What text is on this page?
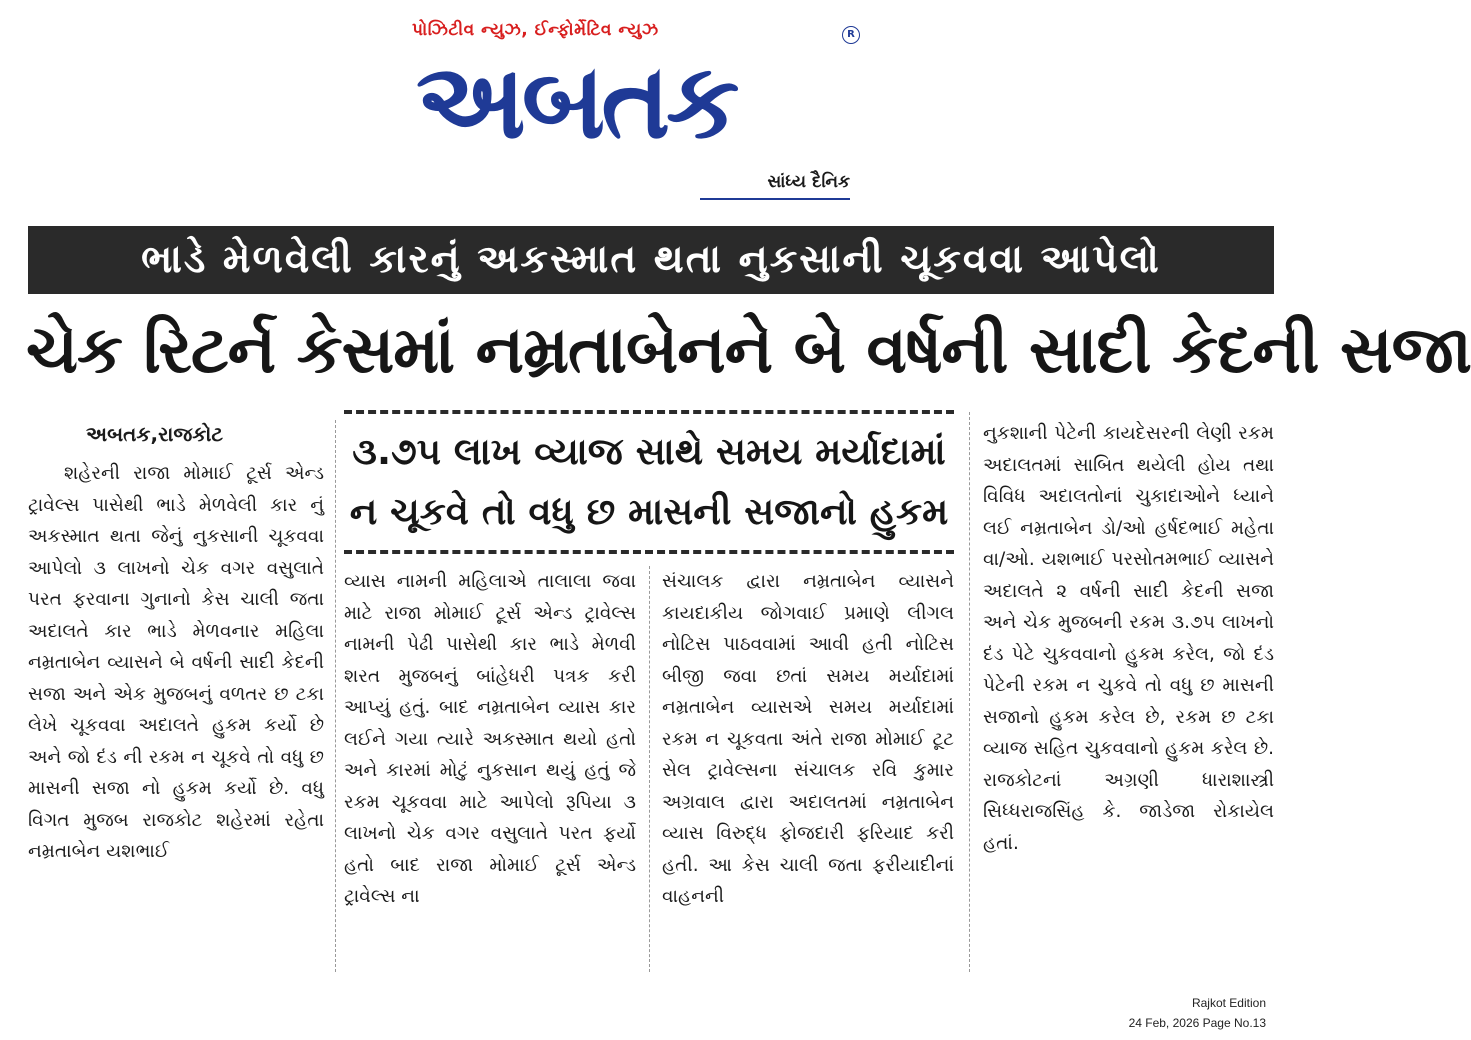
પોઝિટીવ ન્યુઝ, ઈન્ફોર્મેટિવ ન્યુઝ
અબતક
R
સાંધ્ય દૈનિક
ભાડે મેળવેલી કારનું અકસ્માત થતા નુકસાની ચૂકવવા આપેલો
ચેક રિટર્ન કેસમાં નમ્રતાબેનને બે વર્ષની સાદી કેદની સજા
અબતક,રાજકોટ

શહેરની રાજા મોમાઈ ટૂર્સ એન્ડ ટ્રાવેલ્સ પાસેથી ભાડે મેળવેલી કાર નું અકસ્માત થતા જેનું નુકસાની ચૂકવવા આપેલો ૩ લાખનો ચેક વગર વસુલાતે પરત ફરવાના ગુનાનો કેસ ચાલી જતા અદાલતે કાર ભાડે મેળવનાર મહિલા નમ્રતાબેન વ્યાસને બે વર્ષની સાદી કેદની સજા અને એક મુજબનું વળતર છ ટકા લેખે ચૂકવવા અદાલતે હુકમ કર્યો છે અને જો દંડ ની રકમ ન ચૂકવે તો વધુ છ માસની સજા નો હુકમ કર્યો છે. વધુ વિગત મુજબ રાજકોટ શહેરમાં રહેતા નમ્રતાબેન યશભાઈ

૩.૭૫ લાખ વ્યાજ સાથે સમય મર્યાદામાં ન ચૂકવે તો વધુ છ માસની સજાનો હુકમ

વ્યાસ નામની મહિલાએ તાલાલા જવા માટે રાજા મોમાઈ ટૂર્સ એન્ડ ટ્રાવેલ્સ નામની પેઢી પાસેથી કાર ભાડે મેળવી શરત મુજબનું બાંહેધરી પત્રક કરી આપ્યું હતું. બાદ નમ્રતાબેન વ્યાસ કાર લઈને ગયા ત્યારે અકસ્માત થયો હતો અને કારમાં મોટું નુકસાન થયું હતું જે રકમ ચૂકવવા માટે આપેલો રૂપિયા ૩ લાખનો ચેક વગર વસુલાતે પરત ફર્યો હતો બાદ રાજા મોમાઈ ટૂર્સ એન્ડ ટ્રાવેલ્સ ના

સંચાલક દ્વારા નમ્રતાબેન વ્યાસને કાયદાકીય જોગવાઈ પ્રમાણે લીગલ નોટિસ પાઠવવામાં આવી હતી નોટિસ બીજી જવા છતાં સમય મર્યાદામાં નમ્રતાબેન વ્યાસએ સમય મર્યાદામાં રકમ ન ચૂકવતા અંતે રાજા મોમાઈ ટૂટ સેલ ટ્રાવેલ્સના સંચાલક રવિ કુમાર અગ્રવાલ દ્વારા અદાલતમાં નમ્રતાબેન વ્યાસ વિરુદ્ધ ફોજદારી ફરિયાદ કરી હતી. આ કેસ ચાલી જતા ફરીયાદીનાં વાહનની

નુકશાની પેટેની કાયદેસરની લેણી રકમ અદાલતમાં સાબિત થયેલી હોય તથા વિવિધ અદાલતોનાં ચુકાદાઓને ધ્યાને લઈ નમ્રતાબેન ડો/ઓ હર્ષદભાઈ મહેતા વા/ઓ. યશભાઈ પરસોતમભાઈ વ્યાસને અદાલતે ૨ વર્ષની સાદી કેદની સજા અને ચેક મુજબની રકમ ૩.૭૫ લાખનો દંડ પેટે ચુકવવાનો હુકમ કરેલ, જો દંડ પેટેની રકમ ન ચુકવે તો વધુ છ માસની સજાનો હુકમ કરેલ છે, રકમ છ ટકા વ્યાજ સહિત ચુકવવાનો હુકમ કરેલ છે. રાજકોટનાં અગ્રણી ધારાશાસ્ત્રી સિધ્ધરાજસિંહ કે. જાડેજા રોકાયેલ હતાં.

Rajkot Edition
24 Feb, 2026 Page No.13
